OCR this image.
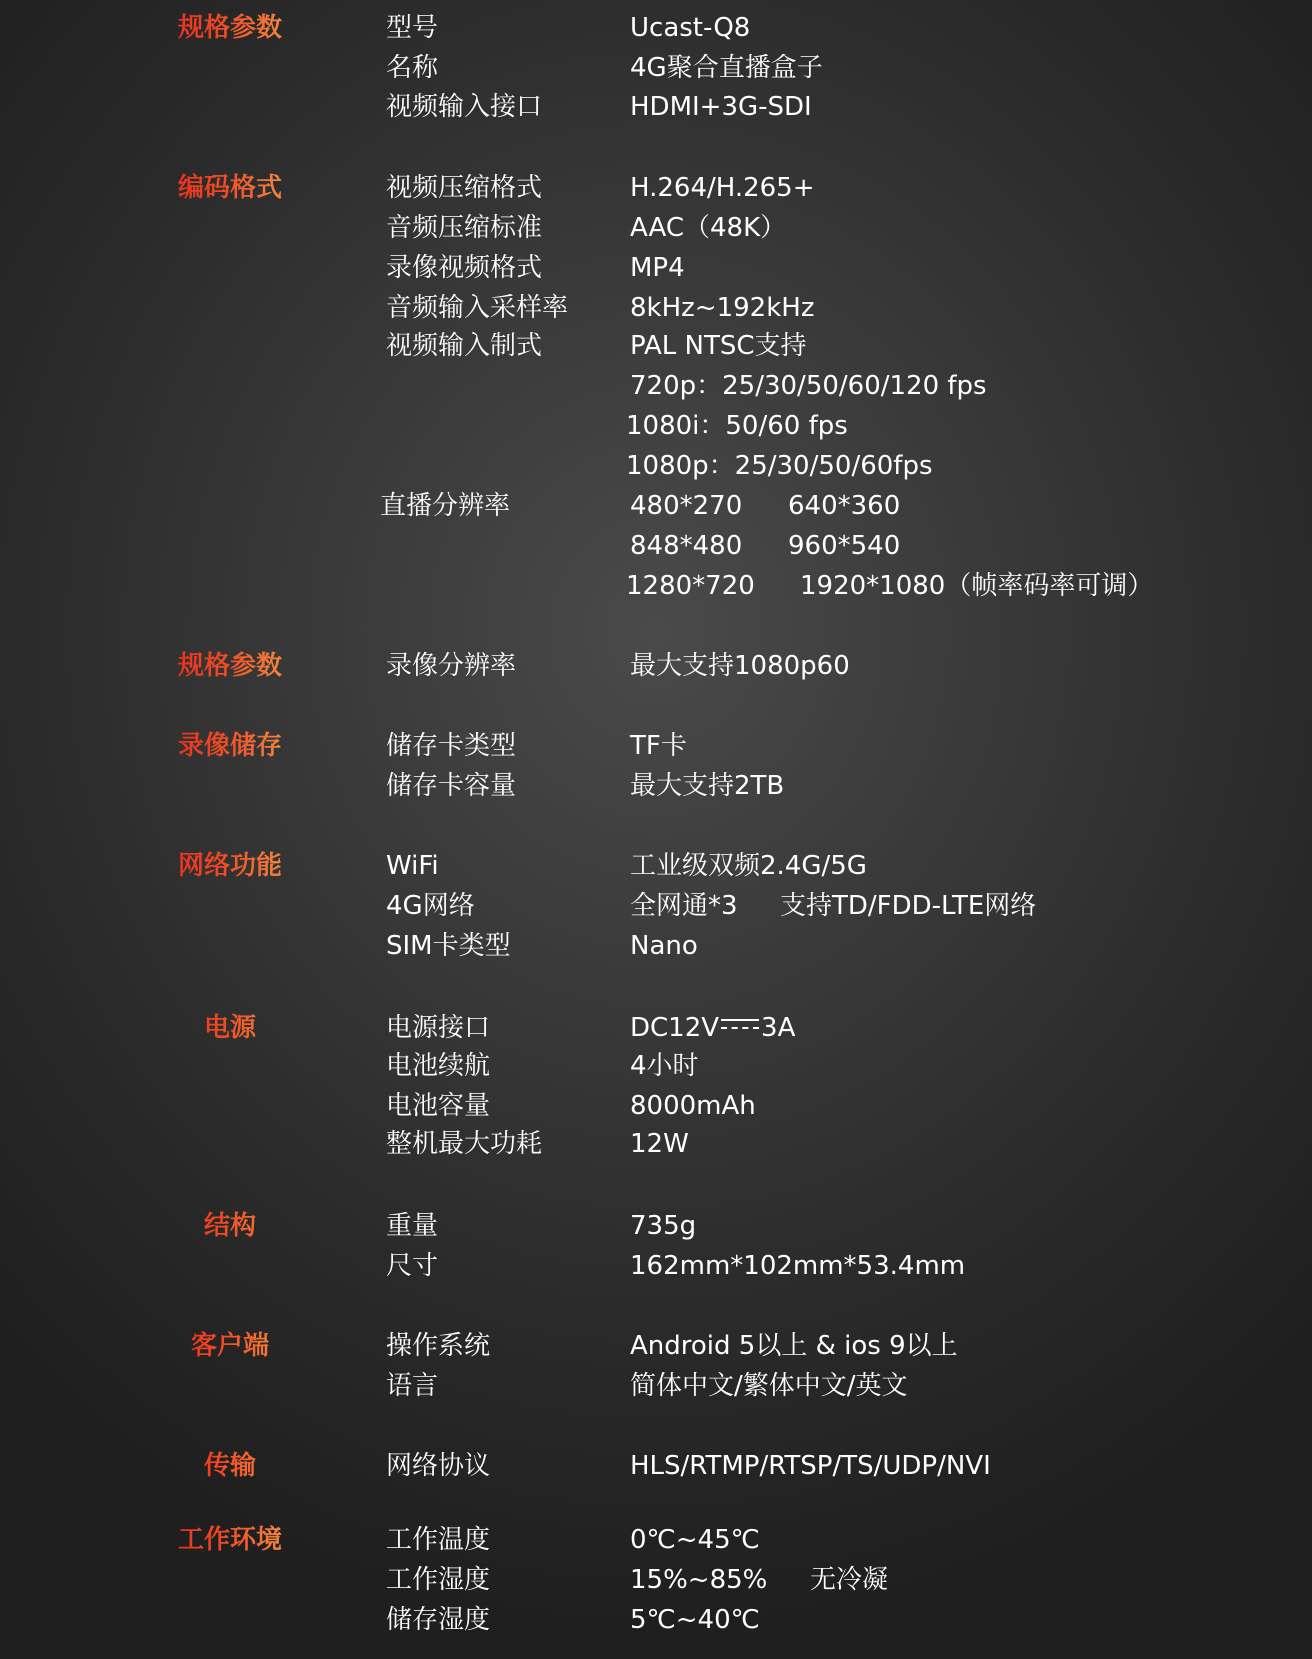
规格参数	型号	Ucast-Q8
名称	4G聚合直播盒子
视频输入接口	HDMI+3G-SDI
编码格式	视频压缩格式	H.264/H.265+
音频压缩标准	AAC（48K）
录像视频格式	MP4
音频输入采样率 8kHz~192kHz
视频输入制式	PAL NTSC支持
720p：25/30/50/60/120 fps
1080i：50/60 fps
1080p：25/30/50/60fps
直播分辨率	480*270 640*360
848*480 960*540
1280*720 1920*1080（帧率码率可调）
规格参数	录像分辨率	最大支持1080p60
录像储存	储存卡类型	TF卡
储存卡容量	最大支持2TB
网络功能	WiFi	工业级双频2.4G/5G
4G网络	全网通*3 支持TD/FDD-LTE网络
SIM卡类型	Nano
电源	电源接口	DC12V 3A
电池续航	4小时
电池容量	8000mAh
整机最大功耗	12W
结构	重量	735g
尺寸	162mm*102mm*53.4mm
客户端	操作系统	Android 5以上 & ios 9以上
语言	简体中文/繁体中文/英文
传输	网络协议	HLS/RTMP/RTSP/TS/UDP/NVI
工作环境	工作温度	0℃~45℃
工作湿度	15%~85% 无冷凝
储存湿度	5℃~40℃
